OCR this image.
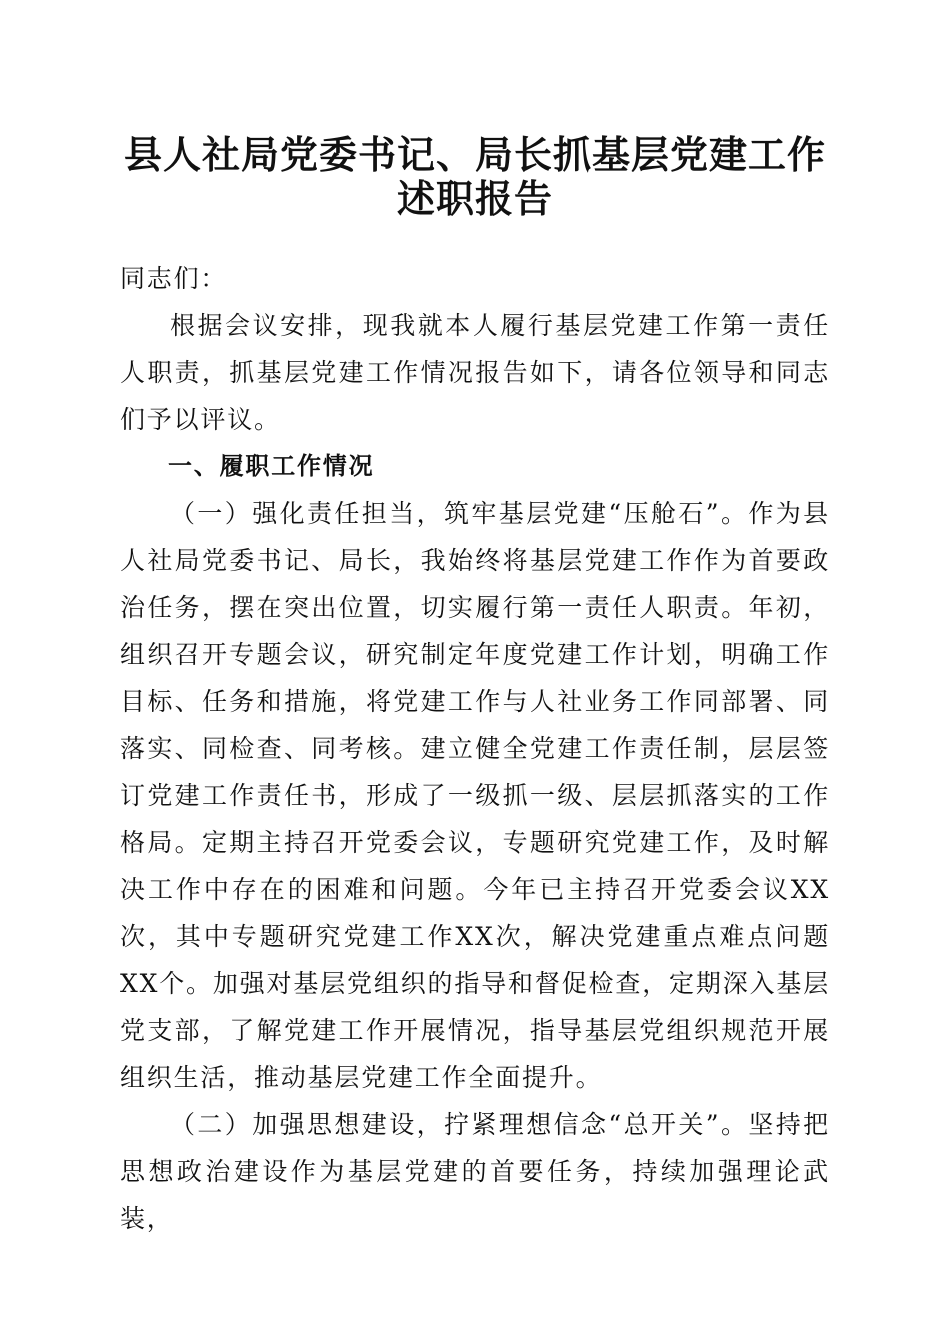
县人社局党委书记、局长抓基层党建工作述职报告

同志们：

根据会议安排，现我就本人履行基层党建工作第一责任人职责，抓基层党建工作情况报告如下，请各位领导和同志们予以评议。

一、履职工作情况

（一）强化责任担当，筑牢基层党建“压舱石”。作为县人社局党委书记、局长，我始终将基层党建工作作为首要政治任务，摆在突出位置，切实履行第一责任人职责。年初，组织召开专题会议，研究制定年度党建工作计划，明确工作目标、任务和措施，将党建工作与人社业务工作同部署、同落实、同检查、同考核。建立健全党建工作责任制，层层签订党建工作责任书，形成了一级抓一级、层层抓落实的工作格局。定期主持召开党委会议，专题研究党建工作，及时解决工作中存在的困难和问题。今年已主持召开党委会议XX次，其中专题研究党建工作XX次，解决党建重点难点问题XX个。加强对基层党组织的指导和督促检查，定期深入基层党支部，了解党建工作开展情况，指导基层党组织规范开展组织生活，推动基层党建工作全面提升。

（二）加强思想建设，拧紧理想信念“总开关”。坚持把思想政治建设作为基层党建的首要任务，持续加强理论武装，
